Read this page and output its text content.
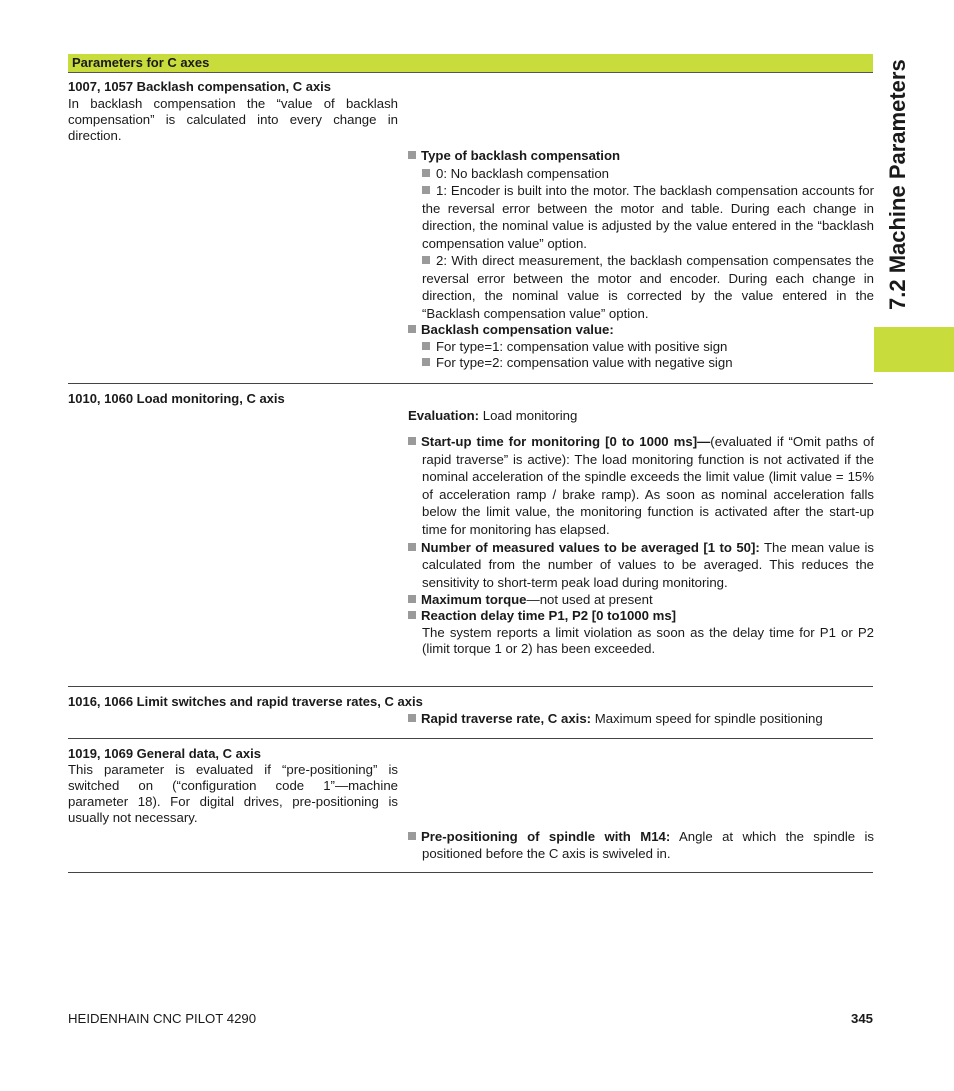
Parameters for C axes	7.2 Machine Parameters
1007, 1057 Backlash compensation, C axis
In backlash compensation the “value of backlash compensation” is calculated into every change in direction.

Type of backlash compensation

0: No backlash compensation

1: Encoder is built into the motor. The backlash compensation accounts for the reversal error between the motor and table. During each change in direction, the nominal value is adjusted by the value entered in the “backlash compensation value” option.

2: With direct measurement, the backlash compensation compensates the reversal error between the motor and encoder. During each change in direction, the nominal value is corrected by the value entered in the “Backlash compensation value” option.

Backlash compensation value:

For type=1: compensation value with positive sign

For type=2: compensation value with negative sign

1010, 1060 Load monitoring, C axis

Evaluation: Load monitoring

Start-up time for monitoring [0 to 1000 ms]—(evaluated if “Omit paths of rapid traverse” is active): The load monitoring function is not activated if the nominal acceleration of the spindle exceeds the limit value (limit value = 15% of acceleration ramp / brake ramp). As soon as nominal acceleration falls below the limit value, the monitoring function is activated after the start-up time for monitoring has elapsed.

Number of measured values to be averaged [1 to 50]: The mean value is calculated from the number of values to be averaged. This reduces the sensitivity to short-term peak load during monitoring.

Maximum torque—not used at present

Reaction delay time P1, P2 [0 to1000 ms]

The system reports a limit violation as soon as the delay time for P1 or P2 (limit torque 1 or 2) has been exceeded.

1016, 1066 Limit switches and rapid traverse rates, C axis

Rapid traverse rate, C axis: Maximum speed for spindle positioning

1019, 1069 General data, C axis
This parameter is evaluated if “pre-positioning” is switched on (“configuration code 1”—machine parameter 18). For digital drives, pre-positioning is usually not necessary.

Pre-positioning of spindle with M14: Angle at which the spindle is positioned before the C axis is swiveled in.

HEIDENHAIN CNC PILOT 4290	345
